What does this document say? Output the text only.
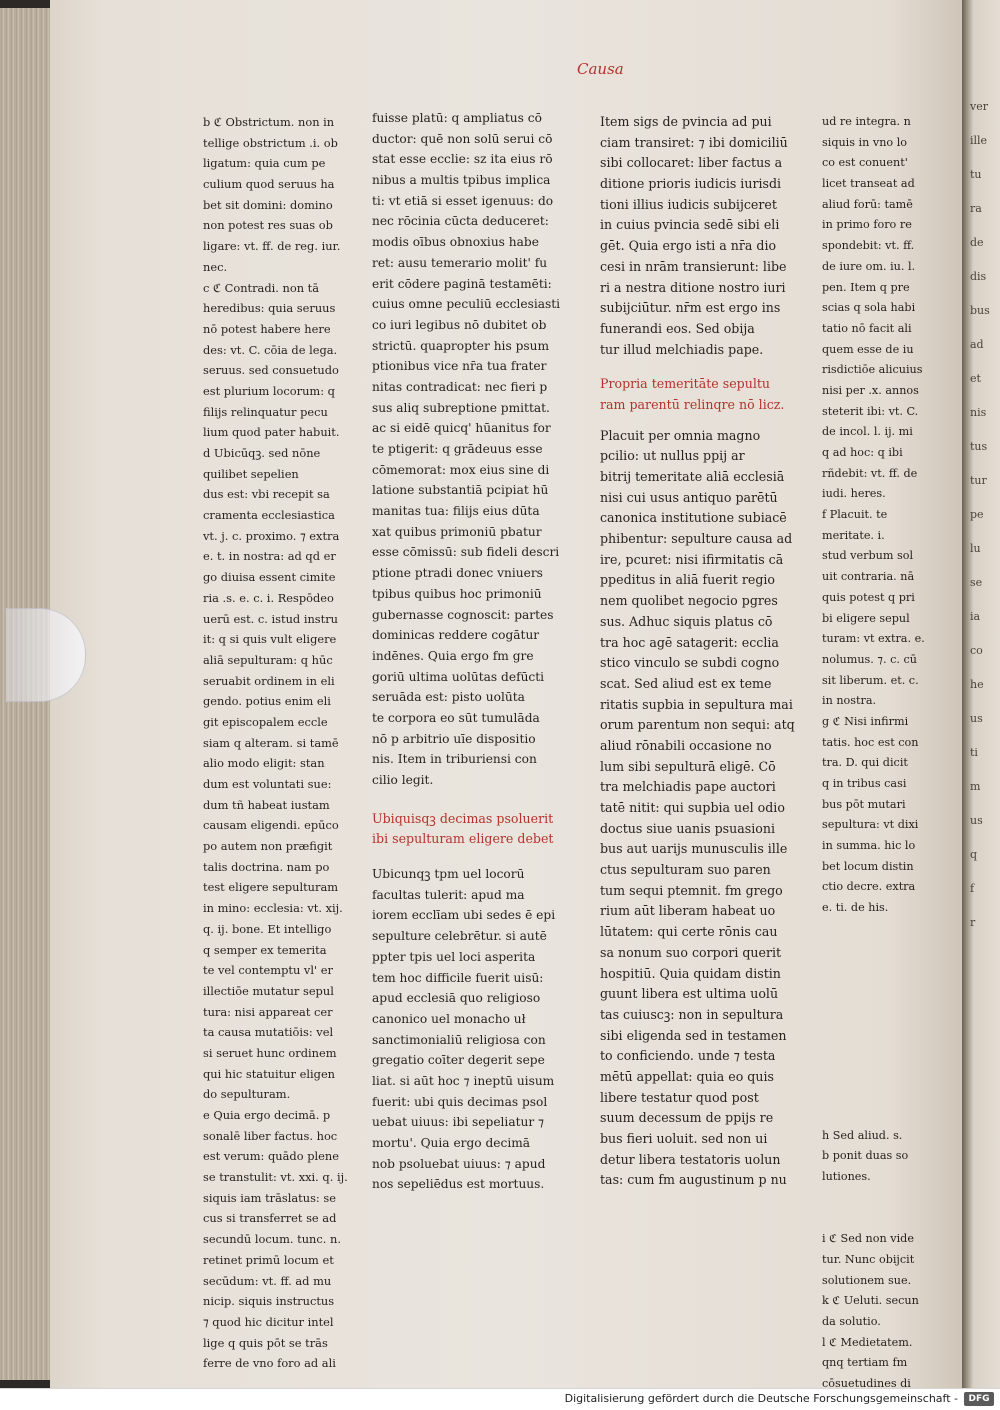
ver
ille
tu
ra
de
dis
bus
ad
et
nis
tus
tur
pe
lu
se
ia
co
he
us
ti
m
us
q
f
r
Causa
b ℭ Obstrictum. non in
tellige obstrictum .i. ob
ligatum: quia cum pe
culium quod seruus ha
bet sit domini: domino
non potest res suas ob
ligare: vt. ff. de reg. iur.
nec.
c ℭ Contradi. non tā
heredibus: quia seruus
nō potest habere here
des: vt. C. cōia de lega.
seruus. sed consuetudo
est plurium locorum: q
filijs relinquatur pecu
lium quod pater habuit.
d Ubicūqꝫ. sed nōne
quilibet sepelien
dus est: vbi recepit sa
cramenta ecclesiastica
vt. j. c. proximo. ⁊ extra
e. t. in nostra: ad qd er
go diuisa essent cimite
ria .s. e. c. i. Respōdeo
uerū est. c. istud instru
it: q si quis vult eligere
aliā sepulturam: q hūc
seruabit ordinem in eli
gendo. potius enim eli
git episcopalem eccle
siam q alteram. si tamē
alio modo eligit: stan
dum est voluntati sue:
dum tñ habeat iustam
causam eligendi. epūco
po autem non præfigit
talis doctrina. nam po
test eligere sepulturam
in mino: ecclesia: vt. xij.
q. ij. bone. Et intelligo
q semper ex temerita
te vel contemptu vl' er
illectiōe mutatur sepul
tura: nisi appareat cer
ta causa mutatiōis: vel
si seruet hunc ordinem
qui hic statuitur eligen
do sepulturam.
e Quia ergo decimā. p
sonalē liber factus. hoc
est verum: quādo plene
se transtulit: vt. xxi. q. ij.
siquis iam trāslatus: se
cus si transferret se ad
secundū locum. tunc. n.
retinet primū locum et
secūdum: vt. ff. ad mu
nicip. siquis instructus
⁊ quod hic dicitur intel
lige q quis pōt se trās
ferre de vno foro ad ali
fuisse platū: q ampliatus cō
ductor: quē non solū serui cō
stat esse ecclie: sz ita eius rō
nibus a multis tpibus implica
ti: vt etiā si esset igenuus: do
nec rōcinia cūcta deduceret:
modis oībus obnoxius habe
ret: ausu temerario molit' fu
erit cōdere paginā testamēti:
cuius omne peculiū ecclesiasti
co iuri legibus nō dubitet ob
strictū. quapropter his psum
ptionibus vice nr̄a tua frater
nitas contradicat: nec fieri p
sus aliq subreptione pmittat.
ac si eidē quicq' hūanitus for
te ptigerit: q grādeuus esse
cōmemorat: mox eius sine di
latione substantiā pcipiat hū
manitas tua: filijs eius dūta
xat quibus primoniū pbatur
esse cōmissū: sub fideli descri
ptione ptradi donec vniuers
tpibus quibus hoc primoniū
gubernasse cognoscit: partes
dominicas reddere cogātur
indēnes. Quia ergo fm gre
goriū ultima uolūtas defūcti
seruāda est: pisto uolūta
te corpora eo sūt tumulāda
nō p arbitrio uīe dispositio
nis. Item in triburiensi con
cilio legit.
Ubiquisqꝫ decimas psoluerit
ibi sepulturam eligere debet
Ubicunqꝫ tpm uel locorū
facultas tulerit: apud ma
iorem ecclīam ubi sedes ē epi
sepulture celebrētur. si autē
ppter tpis uel loci asperita
tem hoc difficile fuerit uisū:
apud ecclesiā quo religioso
canonico uel monacho uł
sanctimonialiū religiosa con
gregatio coīter degerit sepe
liat. si aūt hoc ⁊ ineptū uisum
fuerit: ubi quis decimas psol
uebat uiuus: ibi sepeliatur ⁊
mortu'. Quia ergo decimā
nob psoluebat uiuus: ⁊ apud
nos sepeliēdus est mortuus.
Item sigs de pvincia ad pui
ciam transiret: ⁊ ibi domiciliū
sibi collocaret: liber factus a
ditione prioris iudicis iurisdi
tioni illius iudicis subijceret
in cuius pvincia sedē sibi eli
gēt. Quia ergo isti a nr̄a dio
cesi in nrām transierunt: libe
ri a nestra ditione nostro iuri
subijciūtur. nr̄m est ergo ins
funerandi eos. Sed obija
tur illud melchiadis pape.
Propria temeritāte sepultu
ram parentū relinqre nō licz.
Placuit per omnia magno
pcilio: ut nullus ppij ar
bitrij temeritate aliā ecclesiā
nisi cui usus antiquo parētū
canonica institutione subiacē
phibentur: sepulture causa ad
ire, pcuret: nisi ifirmitatis cā
ppeditus in aliā fuerit regio
nem quolibet negocio pgres
sus. Adhuc siquis platus cō
tra hoc agē satagerit: ecclia
stico vinculo se subdi cogno
scat. Sed aliud est ex teme
ritatis supbia in sepultura mai
orum parentum non sequi: atq
aliud rōnabili occasione no
lum sibi sepulturā eligē. Cō
tra melchiadis pape auctori
tatē nitit: qui supbia uel odio
doctus siue uanis psuasioni
bus aut uarijs munusculis ille
ctus sepulturam suo paren
tum sequi ptemnit. fm grego
rium aūt liberam habeat uo
lūtatem: qui certe rōnis cau
sa nonum suo corpori querit
hospitiū. Quia quidam distin
guunt libera est ultima uolū
tas cuiuscꝫ: non in sepultura
sibi eligenda sed in testamen
to conficiendo. unde ⁊ testa
mētū appellat: quia eo quis
libere testatur quod post
suum decessum de ppijs re
bus fieri uoluit. sed non ui
detur libera testatoris uolun
tas: cum fm augustinum p nu
ud re integra. n
siquis in vno lo
co est conuent'
licet transeat ad
aliud forū: tamē
in primo foro re
spondebit: vt. ff.
de iure om. iu. l.
pen. Item q pre
scias q sola habi
tatio nō facit ali
quem esse de iu
risdictiōe alicuius
nisi per .x. annos
steterit ibi: vt. C.
de incol. l. ij. mi
q ad hoc: q ibi
rñdebit: vt. ff. de
iudi. heres.
f Placuit. te
meritate. i.
stud verbum sol
uit contraria. nā
quis potest q pri
bi eligere sepul
turam: vt extra. e.
nolumus. ⁊. c. cū
sit liberum. et. c.
in nostra.
g ℭ Nisi infirmi
tatis. hoc est con
tra. D. qui dicit
q in tribus casi
bus pōt mutari
sepultura: vt dixi
in summa. hic lo
bet locum distin
ctio decre. extra
e. ti. de his.
h Sed aliud. s.
b ponit duas so
lutiones.
i ℭ Sed non vide
tur. Nunc obijcit
solutionem sue.
k ℭ Ueluti. secun
da solutio.
l ℭ Medietatem.
qnq tertiam fm
cōsuetudines di
Digitalisierung gefördert durch die Deutsche Forschungsgemeinschaft -	DFG
